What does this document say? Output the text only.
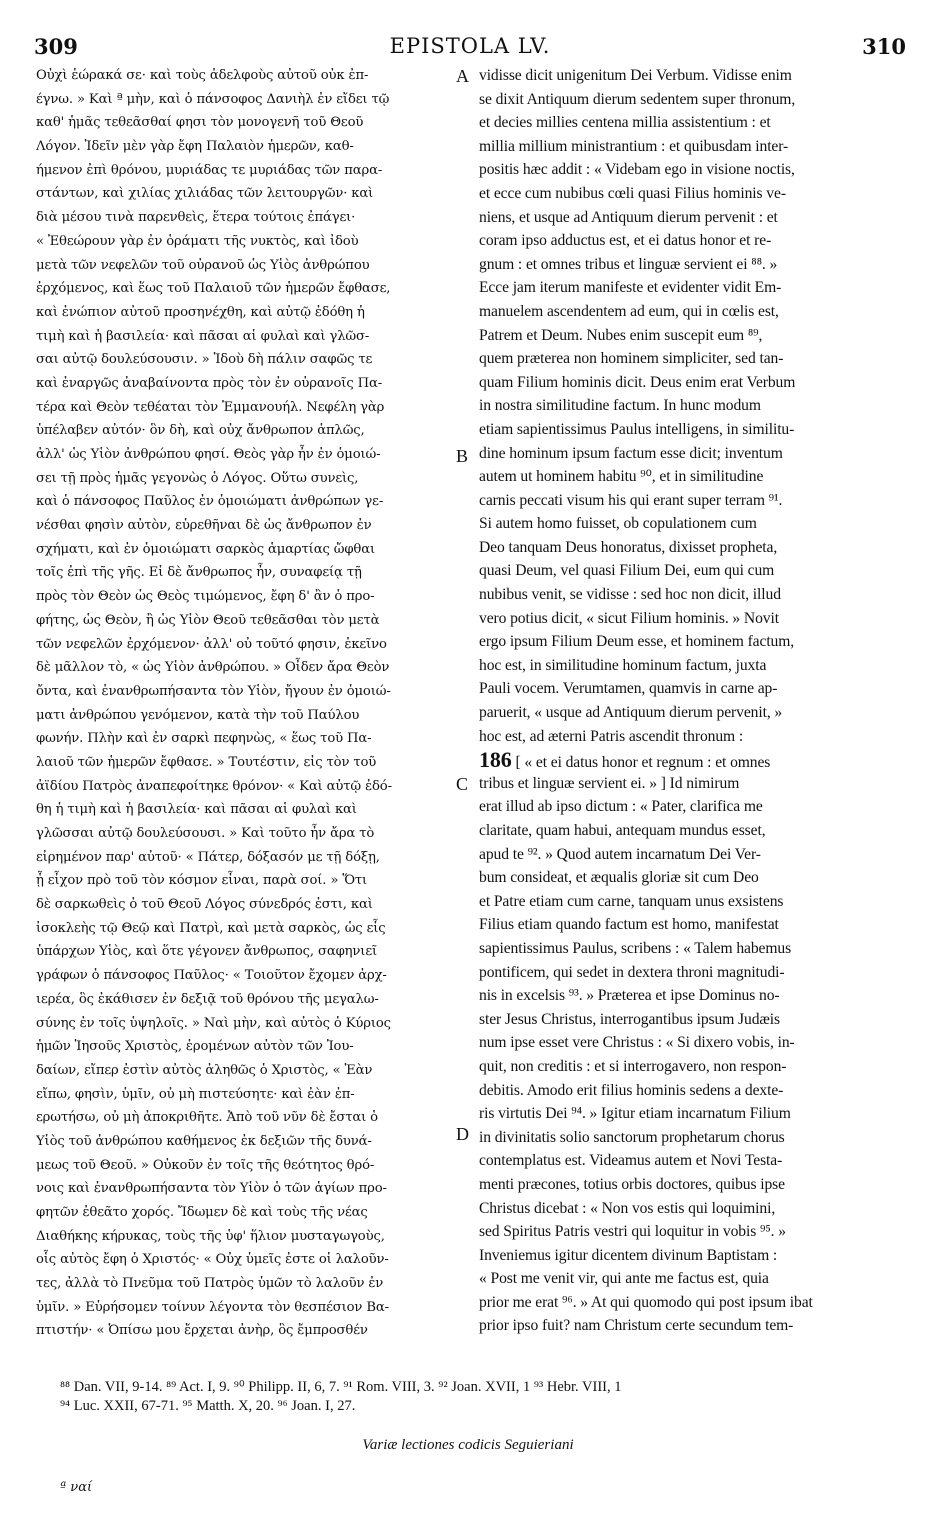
309	EPISTOLA LV.	310
Οὐχὶ ἑώρακά σε· καὶ τοὺς ἀδελφοὺς αὐτοῦ οὐκ ἐπ-
έγνω. » Καὶ ª μὴν, καὶ ὁ πάνσοφος Δανιὴλ ἐν εἴδει τῷ
καθ' ἡμᾶς τεθεᾶσθαί φησι τὸν μονογενῆ τοῦ Θεοῦ
Λόγον. Ἰδεῖν μὲν γὰρ ἔφη Παλαιὸν ἡμερῶν, καθ-
ήμενον ἐπὶ θρόνου, μυριάδας τε μυριάδας τῶν παρα-
στάντων, καὶ χιλίας χιλιάδας τῶν λειτουργῶν· καὶ
διὰ μέσου τινὰ παρενθεὶς, ἕτερα τούτοις ἐπάγει·
« Ἐθεώρουν γὰρ ἐν ὁράματι τῆς νυκτὸς, καὶ ἰδοὺ
μετὰ τῶν νεφελῶν τοῦ οὐρανοῦ ὡς Υἱὸς ἀνθρώπου
ἐρχόμενος, καὶ ἕως τοῦ Παλαιοῦ τῶν ἡμερῶν ἔφθασε,
καὶ ἐνώπιον αὐτοῦ προσηνέχθη, καὶ αὐτῷ ἐδόθη ἡ
τιμὴ καὶ ἡ βασιλεία· καὶ πᾶσαι αἱ φυλαὶ καὶ γλῶσ-
σαι αὐτῷ δουλεύσουσιν. » Ἰδοὺ δὴ πάλιν σαφῶς τε
καὶ ἐναργῶς ἀναβαίνοντα πρὸς τὸν ἐν οὐρανοῖς Πα-
τέρα καὶ Θεὸν τεθέαται τὸν Ἐμμανουήλ. Νεφέλη γὰρ
ὑπέλαβεν αὐτόν· ὃν δὴ, καὶ οὐχ ἄνθρωπον ἁπλῶς,
ἀλλ' ὡς Υἱὸν ἀνθρώπου φησί. Θεὸς γὰρ ἦν ἐν ὁμοιώ-
σει τῇ πρὸς ἡμᾶς γεγονὼς ὁ Λόγος. Οὕτω συνεὶς,
καὶ ὁ πάνσοφος Παῦλος ἐν ὁμοιώματι ἀνθρώπων γε-
νέσθαι φησὶν αὐτὸν, εὑρεθῆναι δὲ ὡς ἄνθρωπον ἐν
σχήματι, καὶ ἐν ὁμοιώματι σαρκὸς ἁμαρτίας ὤφθαι
τοῖς ἐπὶ τῆς γῆς. Εἰ δὲ ἄνθρωπος ἦν, συναφείᾳ τῇ
πρὸς τὸν Θεὸν ὡς Θεὸς τιμώμενος, ἔφη δ' ἂν ὁ προ-
φήτης, ὡς Θεὸν, ἢ ὡς Υἱὸν Θεοῦ τεθεᾶσθαι τὸν μετὰ
τῶν νεφελῶν ἐρχόμενον· ἀλλ' οὐ τοῦτό φησιν, ἐκεῖνο
δὲ μᾶλλον τὸ, « ὡς Υἱὸν ἀνθρώπου. » Οἶδεν ἄρα Θεὸν
ὄντα, καὶ ἐνανθρωπήσαντα τὸν Υἱὸν, ἤγουν ἐν ὁμοιώ-
ματι ἀνθρώπου γενόμενον, κατὰ τὴν τοῦ Παύλου
φωνήν. Πλὴν καὶ ἐν σαρκὶ πεφηνὼς, « ἕως τοῦ Πα-
λαιοῦ τῶν ἡμερῶν ἔφθασε. » Τουτέστιν, εἰς τὸν τοῦ
ἀϊδίου Πατρὸς ἀναπεφοίτηκε θρόνον· « Καὶ αὐτῷ ἐδό-
θη ἡ τιμὴ καὶ ἡ βασιλεία· καὶ πᾶσαι αἱ φυλαὶ καὶ
γλῶσσαι αὐτῷ δουλεύσουσι. » Καὶ τοῦτο ἦν ἄρα τὸ
εἰρημένον παρ' αὐτοῦ· « Πάτερ, δόξασόν με τῇ δόξῃ,
ᾗ εἶχον πρὸ τοῦ τὸν κόσμον εἶναι, παρὰ σοί. » Ὅτι
δὲ σαρκωθεὶς ὁ τοῦ Θεοῦ Λόγος σύνεδρός ἐστι, καὶ
ἰσοκλεὴς τῷ Θεῷ καὶ Πατρὶ, καὶ μετὰ σαρκὸς, ὡς εἷς
ὑπάρχων Υἱὸς, καὶ ὅτε γέγονεν ἄνθρωπος, σαφηνιεῖ
γράφων ὁ πάνσοφος Παῦλος· « Τοιοῦτον ἔχομεν ἀρχ-
ιερέα, ὃς ἐκάθισεν ἐν δεξιᾷ τοῦ θρόνου τῆς μεγαλω-
σύνης ἐν τοῖς ὑψηλοῖς. » Ναὶ μὴν, καὶ αὐτὸς ὁ Κύριος
ἡμῶν Ἰησοῦς Χριστὸς, ἐρομένων αὐτὸν τῶν Ἰου-
δαίων, εἴπερ ἐστὶν αὐτὸς ἀληθῶς ὁ Χριστὸς, « Ἐὰν
εἴπω, φησὶν, ὑμῖν, οὐ μὴ πιστεύσητε· καὶ ἐὰν ἐπ-
ερωτήσω, οὐ μὴ ἀποκριθῆτε. Ἀπὸ τοῦ νῦν δὲ ἔσται ὁ
Υἱὸς τοῦ ἀνθρώπου καθήμενος ἐκ δεξιῶν τῆς δυνά-
μεως τοῦ Θεοῦ. » Οὐκοῦν ἐν τοῖς τῆς θεότητος θρό-
νοις καὶ ἐνανθρωπήσαντα τὸν Υἱὸν ὁ τῶν ἁγίων προ-
φητῶν ἐθεᾶτο χορός. Ἴδωμεν δὲ καὶ τοὺς τῆς νέας
Διαθήκης κήρυκας, τοὺς τῆς ὑφ' ἥλιον μυσταγωγοὺς,
οἷς αὐτὸς ἔφη ὁ Χριστός· « Οὐχ ὑμεῖς ἐστε οἱ λαλοῦν-
τες, ἀλλὰ τὸ Πνεῦμα τοῦ Πατρὸς ὑμῶν τὸ λαλοῦν ἐν
ὑμῖν. » Εὑρήσομεν τοίνυν λέγοντα τὸν θεσπέσιον Βα-
πτιστήν· « Ὀπίσω μου ἔρχεται ἀνὴρ, ὃς ἔμπροσθέν
vidisse dicit unigenitum Dei Verbum. Vidisse enim
se dixit Antiquum dierum sedentem super thronum,
et decies millies centena millia assistentium : et
millia millium ministrantium : et quibusdam inter-
positis hæc addit : « Videbam ego in visione noctis,
et ecce cum nubibus cœli quasi Filius hominis ve-
niens, et usque ad Antiquum dierum pervenit : et
coram ipso adductus est, et ei datus honor et re-
gnum : et omnes tribus et linguæ servient ei ⁸⁸. »
Ecce jam iterum manifeste et evidenter vidit Em-
manuelem ascendentem ad eum, qui in cœlis est,
Patrem et Deum. Nubes enim suscepit eum ⁸⁹,
quem præterea non hominem simpliciter, sed tan-
quam Filium hominis dicit. Deus enim erat Verbum
in nostra similitudine factum. In hunc modum
etiam sapientissimus Paulus intelligens, in similitu-
dine hominum ipsum factum esse dicit; inventum
autem ut hominem habitu ⁹⁰, et in similitudine
carnis peccati visum his qui erant super terram ⁹¹.
Si autem homo fuisset, ob copulationem cum
Deo tanquam Deus honoratus, dixisset propheta,
quasi Deum, vel quasi Filium Dei, eum qui cum
nubibus venit, se vidisse : sed hoc non dicit, illud
vero potius dicit, « sicut Filium hominis. » Novit
ergo ipsum Filium Deum esse, et hominem factum,
hoc est, in similitudine hominum factum, juxta
Pauli vocem. Verumtamen, quamvis in carne ap-
paruerit, « usque ad Antiquum dierum pervenit, »
hoc est, ad æterni Patris ascendit thronum :
186 [ « et ei datus honor et regnum : et omnes
tribus et linguæ servient ei. » ] Id nimirum
erat illud ab ipso dictum : « Pater, clarifica me
claritate, quam habui, antequam mundus esset,
apud te ⁹². » Quod autem incarnatum Dei Ver-
bum consideat, et æqualis gloriæ sit cum Deo
et Patre etiam cum carne, tanquam unus exsistens
Filius etiam quando factum est homo, manifestat
sapientissimus Paulus, scribens : « Talem habemus
pontificem, qui sedet in dextera throni magnitudi-
nis in excelsis ⁹³. » Præterea et ipse Dominus no-
ster Jesus Christus, interrogantibus ipsum Judæis
num ipse esset vere Christus : « Si dixero vobis, in-
quit, non creditis : et si interrogavero, non respon-
debitis. Amodo erit filius hominis sedens a dexte-
ris virtutis Dei ⁹⁴. » Igitur etiam incarnatum Filium
in divinitatis solio sanctorum prophetarum chorus
contemplatus est. Videamus autem et Novi Testa-
menti præcones, totius orbis doctores, quibus ipse
Christus dicebat : « Non vos estis qui loquimini,
sed Spiritus Patris vestri qui loquitur in vobis ⁹⁵. »
Inveniemus igitur dicentem divinum Baptistam :
« Post me venit vir, qui ante me factus est, quia
prior me erat ⁹⁶. » At qui quomodo qui post ipsum ibat
prior ipso fuit? nam Christum certe secundum tem-
A
B
C
D
⁸⁸ Dan. VII, 9-14. ⁸⁹ Act. I, 9. ⁹⁰ Philipp. II, 6, 7. ⁹¹ Rom. VIII, 3. ⁹² Joan. XVII, 1 ⁹³ Hebr. VIII, 1
⁹⁴ Luc. XXII, 67-71. ⁹⁵ Matth. X, 20. ⁹⁶ Joan. I, 27.
Variæ lectiones codicis Seguieriani
ª ναί
